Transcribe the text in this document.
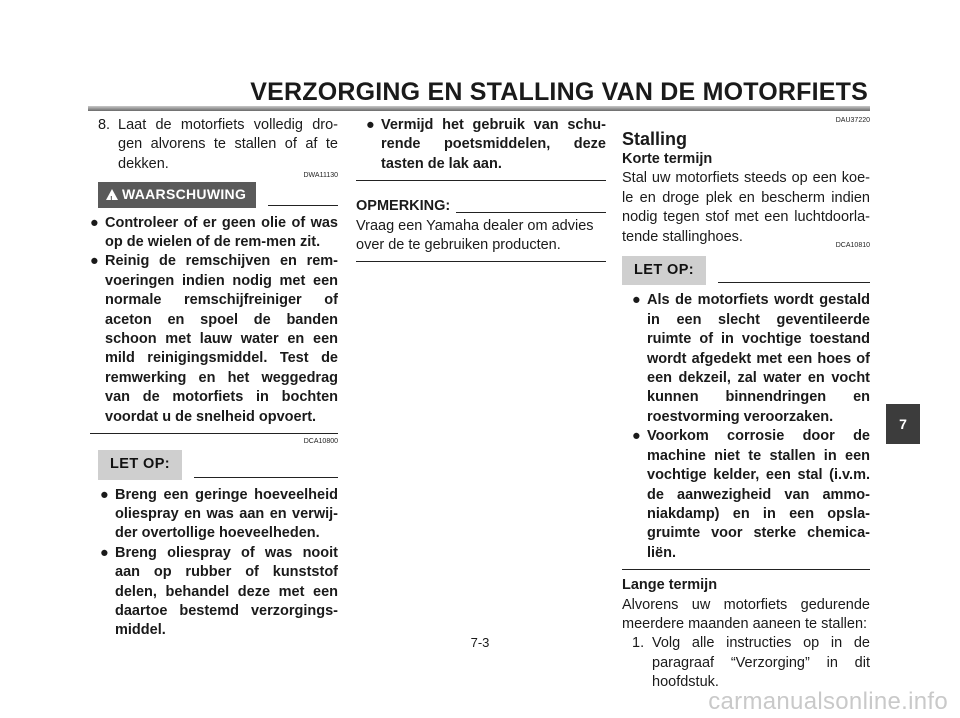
VERZORGING EN STALLING VAN DE MOTORFIETS
8. Laat de motorfiets volledig dro-gen alvorens te stallen of af te dekken.
DWA11130
! WAARSCHUWING
● Controleer of er geen olie of was op de wielen of de rem-men zit.
● Reinig de remschijven en rem-voeringen indien nodig met een normale remschijfreiniger of aceton en spoel de banden schoon met lauw water en een mild reinigingsmiddel. Test de remwerking en het weggedrag van de motorfiets in bochten voordat u de snelheid opvoert.
DCA10800
LET OP:
● Breng een geringe hoeveelheid oliespray en was aan en verwij-der overtollige hoeveelheden.
● Breng oliespray of was nooit aan op rubber of kunststof delen, behandel deze met een daartoe bestemd verzorgings-middel.
● Vermijd het gebruik van schu-rende poetsmiddelen, deze tasten de lak aan.
OPMERKING:
Vraag een Yamaha dealer om advies over de te gebruiken producten.
DAU37220
Stalling
Korte termijn
Stal uw motorfiets steeds op een koe-le en droge plek en bescherm indien nodig tegen stof met een luchtdoorla-tende stallinghoes.
DCA10810
LET OP:
● Als de motorfiets wordt gestald in een slecht geventileerde ruimte of in vochtige toestand wordt afgedekt met een hoes of een dekzeil, zal water en vocht kunnen binnendringen en roestvorming veroorzaken.
● Voorkom corrosie door de machine niet te stallen in een vochtige kelder, een stal (i.v.m. de aanwezigheid van ammo-niakdamp) en in een opsla-gruimte voor sterke chemica-liën.
Lange termijn
Alvorens uw motorfiets gedurende meerdere maanden aaneen te stallen:
1. Volg alle instructies op in de paragraaf “Verzorging” in dit hoofdstuk.
7
7-3
carmanualsonline.info
